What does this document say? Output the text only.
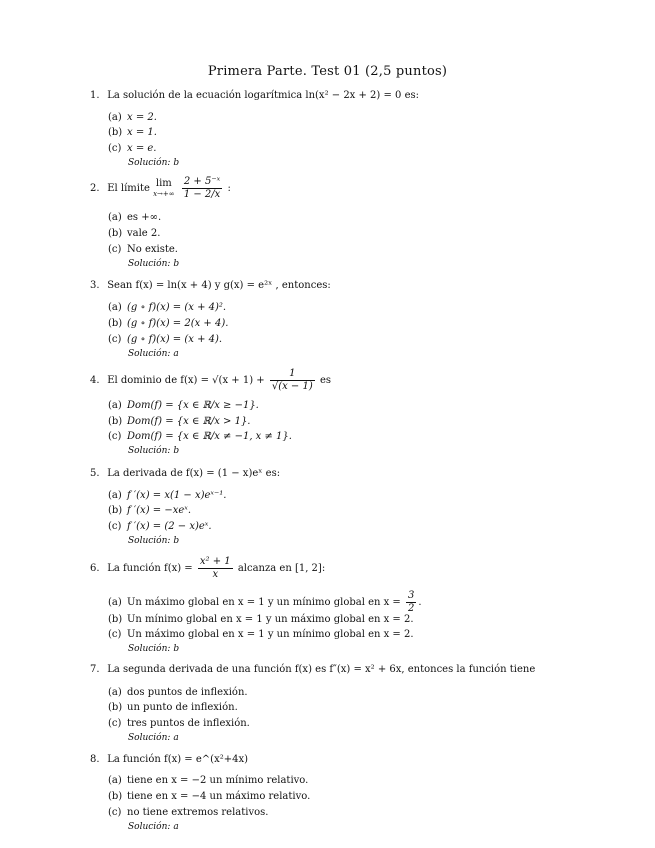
Primera Parte. Test 01 (2,5 puntos)
1. La solución de la ecuación logarítmica ln(x² − 2x + 2) = 0 es:
(a) x = 2.
(b) x = 1.
(c) x = e.
Solución: b
2. El límite lim
x→+∞
$\frac{\text{2 + 5⁻ˣ}}{1 - 2/x}$ :
(a) es +∞.
(b) vale 2.
(c) No existe.
Solución: b
3. Sean f(x) = ln(x + 4) y g(x) = e²ˣ , entonces:
(a) (g ∘ f)(x) = (x + 4)².
(b) (g ∘ f)(x) = 2(x + 4).
(c) (g ∘ f)(x) = (x + 4).
Solución: a
4. El dominio de $f(x) = √(x + 1) + \frac{1}{√(x - 1)}$ es
(a) Dom(f) = {x ∈ ℝ/x ≥ −1}.
(b) Dom(f) = {x ∈ ℝ/x > 1}.
(c) Dom(f) = {x ∈ ℝ/x ≠ −1, x ≠ 1}.
Solución: b
5. La derivada de f(x) = (1 − x)eˣ es:
(a) f ′(x) = x(1 − x)eˣ⁻¹.
(b) f ′(x) = −xeˣ.
(c) f ′(x) = (2 − x)eˣ.
Solución: b
6. La función $f(x) = \frac{\text{x² + 1}}{x}$ alcanza en [1, 2]:
(a) Un máximo global en x = 1 y un mínimo global en $x = \frac{3}{2}$ .
(b) Un mínimo global en x = 1 y un máximo global en x = 2.
(c) Un máximo global en x = 1 y un mínimo global en x = 2.
Solución: b
7. La segunda derivada de una función f(x) es f″(x) = x² + 6x, entonces la función tiene
(a) dos puntos de inflexión.
(b) un punto de inflexión.
(c) tres puntos de inflexión.
Solución: a
8. La función f(x) = e^(x²+4x)
(a) tiene en x = −2 un mínimo relativo.
(b) tiene en x = −4 un máximo relativo.
(c) no tiene extremos relativos.
Solución: a
